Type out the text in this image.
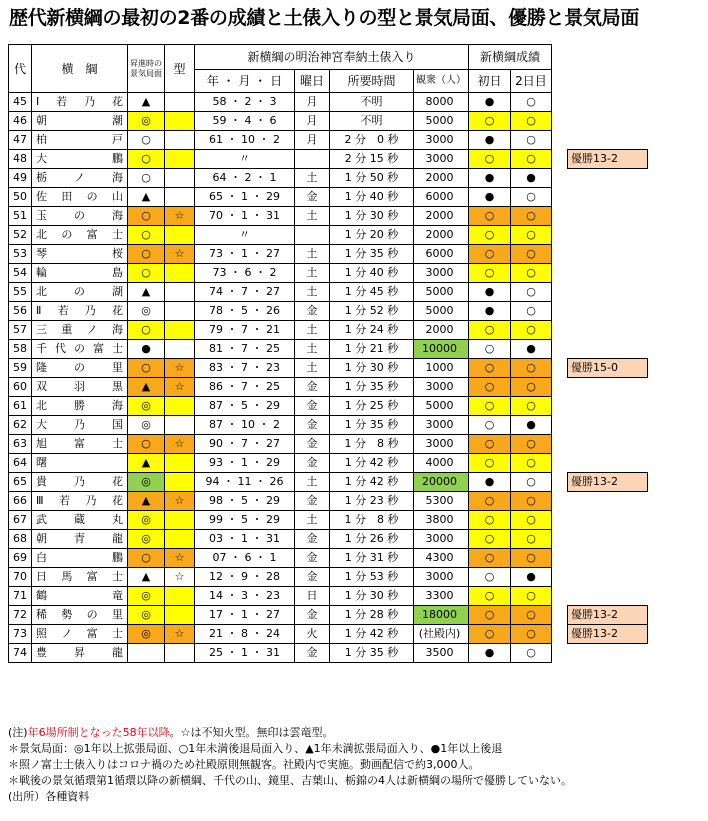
歴代新横綱の最初の2番の成績と土俵入りの型と景気局面、優勝と景気局面
代	横　綱	昇進時の景気局面	型	新横綱の明治神宮奉納土俵入り				新横綱成績			
				年 ・ 月 ・ 日	曜日	所要時間	観衆（人）	初日	2日目		
45	Ⅰ若乃花	▲		58 ・ 2 ・ 3	月	不明	8000	●	○		
46	朝　潮	◎		59 ・ 4 ・ 6	月	不明	5000	○	○		
47	柏　戸	○		61 ・ 10 ・ 2	月	2 分　0 秒	3000	●	○		
48	大　鵬	○		〃		2 分 15 秒	3000	○	○		優勝13-2
49	栃ノ海	○		64 ・ 2 ・ 1	土	1 分 50 秒	2000	●	●		
50	佐田の山	▲		65 ・ 1 ・ 29	金	1 分 40 秒	6000	●	○		
51	玉の海	○	☆	70 ・ 1 ・ 31	土	1 分 30 秒	2000	○	○		
52	北の富士	○		〃		1 分 20 秒	2000	○	○		
53	琴　桜	○	☆	73 ・ 1 ・ 27	土	1 分 35 秒	6000	○	○		
54	輪　島	○		73 ・ 6 ・ 2	土	1 分 40 秒	3000	○	○		
55	北の湖	▲		74 ・ 7 ・ 27	土	1 分 45 秒	5000	●	○		
56	Ⅱ若乃花	◎		78 ・ 5 ・ 26	金	1 分 52 秒	5000	●	○		
57	三重ノ海	○		79 ・ 7 ・ 21	土	1 分 24 秒	2000	○	○		
58	千代の富士	●		81 ・ 7 ・ 25	土	1 分 21 秒	10000	○	●		
59	隆の里	○	☆	83 ・ 7 ・ 23	土	1 分 30 秒	1000	○	○		優勝15-0
60	双羽黒	▲	☆	86 ・ 7 ・ 25	金	1 分 35 秒	3000	○	○		
61	北勝海	◎		87 ・ 5 ・ 29	金	1 分 25 秒	5000	○	○		
62	大乃国	◎		87 ・ 10 ・ 2	金	1 分 35 秒	3000	○	●		
63	旭富士	○	☆	90 ・ 7 ・ 27	金	1 分　8 秒	3000	○	○		
64	曙	▲		93 ・ 1 ・ 29	金	1 分 42 秒	4000	○	○		
65	貴乃花	◎		94 ・ 11 ・ 26	土	1 分 42 秒	20000	●	○		優勝13-2
66	Ⅲ若乃花	▲	☆	98 ・ 5 ・ 29	金	1 分 23 秒	5300	○	○		
67	武蔵丸	◎		99 ・ 5 ・ 29	土	1 分　8 秒	3800	○	○		
68	朝青龍	◎		03 ・ 1 ・ 31	金	1 分 26 秒	3000	○	○		
69	白　鵬	○	☆	07 ・ 6 ・ 1	金	1 分 31 秒	4300	○	○		
70	日馬富士	▲	☆	12 ・ 9 ・ 28	金	1 分 53 秒	3000	○	●		
71	鶴　竜	◎		14 ・ 3 ・ 23	日	1 分 30 秒	3300	○	○		
72	稀勢の里	◎		17 ・ 1 ・ 27	金	1 分 28 秒	18000	○	○		優勝13-2
73	照ノ富士	◎	☆	21 ・ 8 ・ 24	火	1 分 42 秒	(社殿内)	○	○		優勝13-2
74	豊昇龍			25 ・ 1 ・ 31	金	1 分 35 秒	3500	●	○		
(注)年6場所制となった58年以降。☆は不知火型。無印は雲竜型。
＊景気局面：◎1年以上拡張局面、○1年未満後退局面入り、▲1年未満拡張局面入り、●1年以上後退
＊照ノ富士土俵入りはコロナ禍のため社殿原則無観客。社殿内で実施。動画配信で約3,000人。
＊戦後の景気循環第1循環以降の新横綱、千代の山、鏡里、吉葉山、栃錦の4人は新横綱の場所で優勝していない。
(出所）各種資料
